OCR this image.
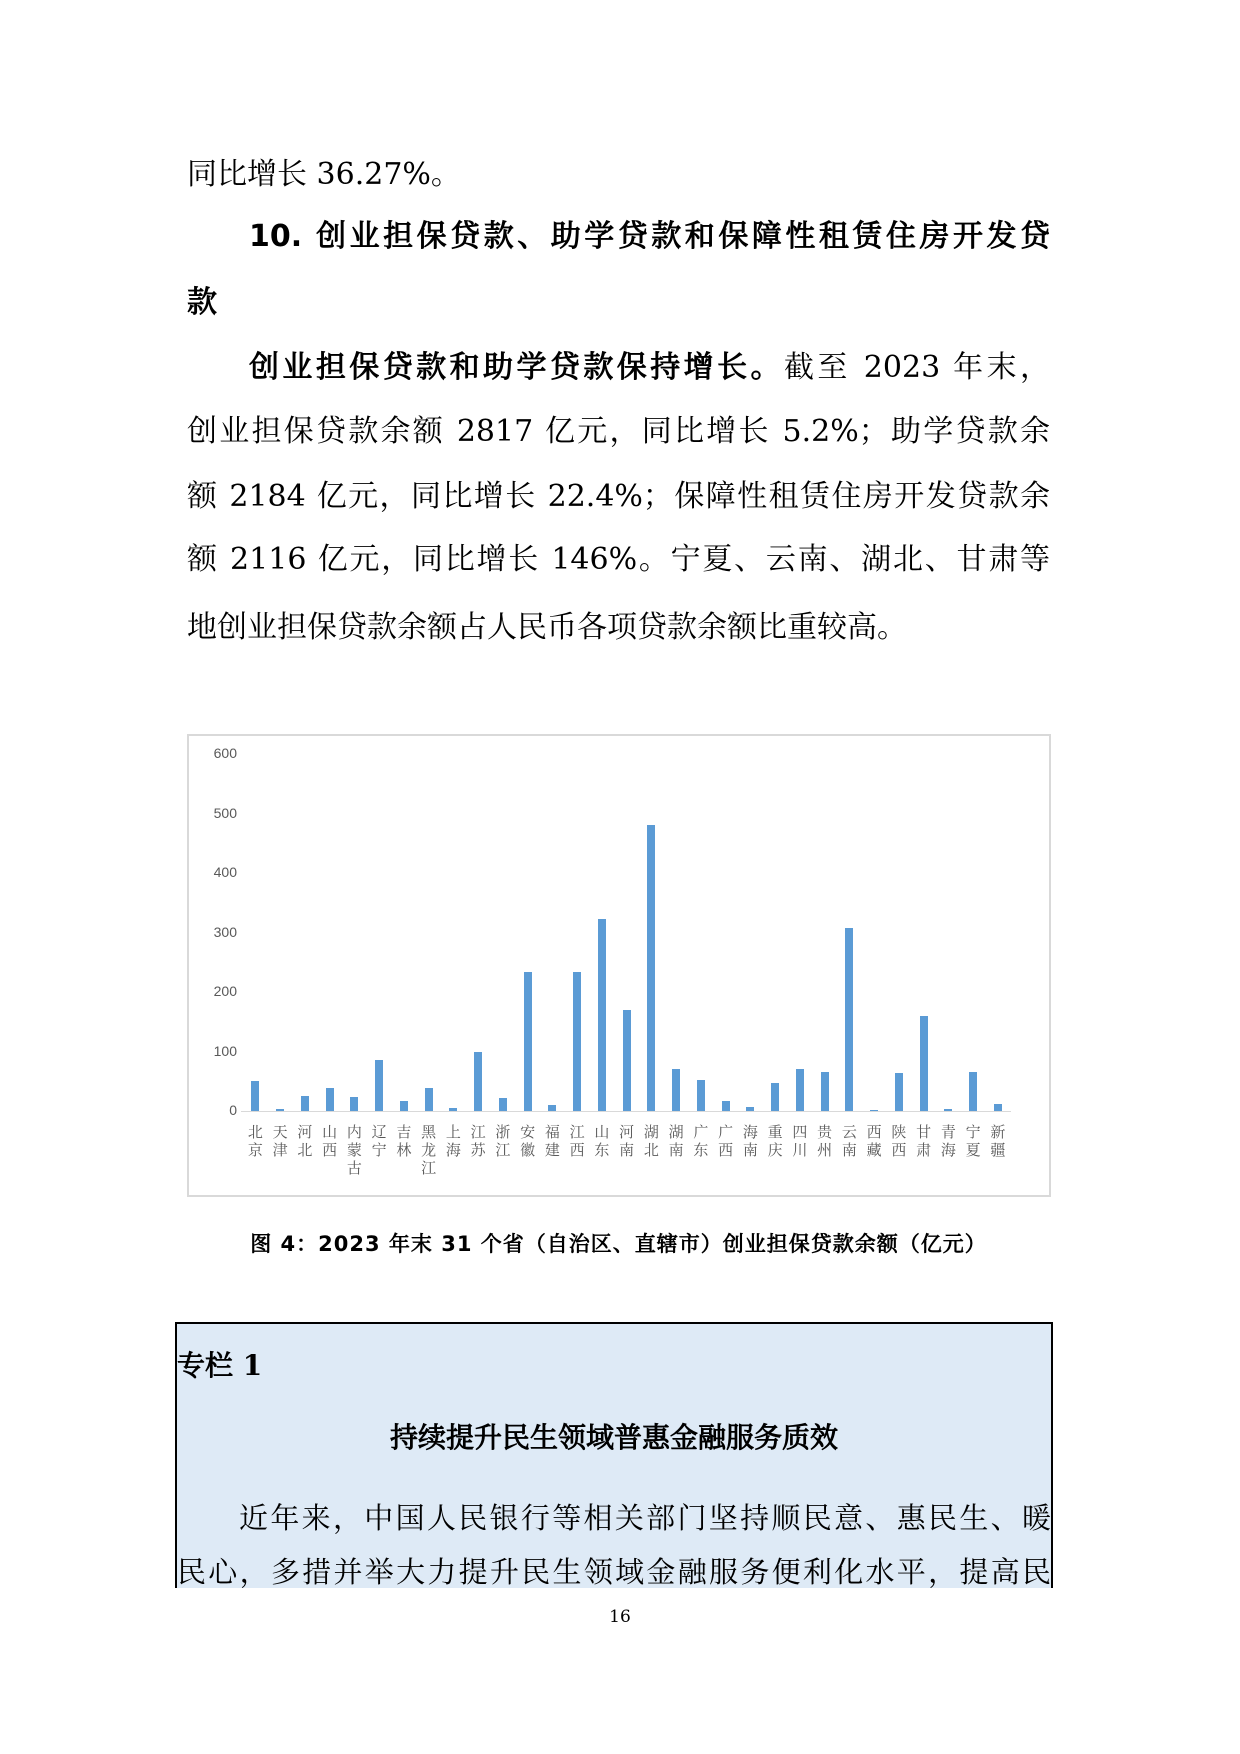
同比增长 36.27%。
10. 创业担保贷款、助学贷款和保障性租赁住房开发贷
款
创业担保贷款和助学贷款保持增长。截至 2023 年末，
创业担保贷款余额 2817 亿元，同比增长 5.2%；助学贷款余
额 2184 亿元，同比增长 22.4%；保障性租赁住房开发贷款余
额 2116 亿元，同比增长 146%。宁夏、云南、湖北、甘肃等
地创业担保贷款余额占人民币各项贷款余额比重较高。
600
500
400
300
200
100
0
北
京
天
津
河
北
山
西
内
蒙
古
辽
宁
吉
林
黑
龙
江
上
海
江
苏
浙
江
安
徽
福
建
江
西
山
东
河
南
湖
北
湖
南
广
东
广
西
海
南
重
庆
四
川
贵
州
云
南
西
藏
陕
西
甘
肃
青
海
宁
夏
新
疆
图 4：2023 年末 31 个省（自治区、直辖市）创业担保贷款余额（亿元）
专栏 1
持续提升民生领域普惠金融服务质效
近年来，中国人民银行等相关部门坚持顺民意、惠民生、暖
民心，多措并举大力提升民生领域金融服务便利化水平，提高民
16
